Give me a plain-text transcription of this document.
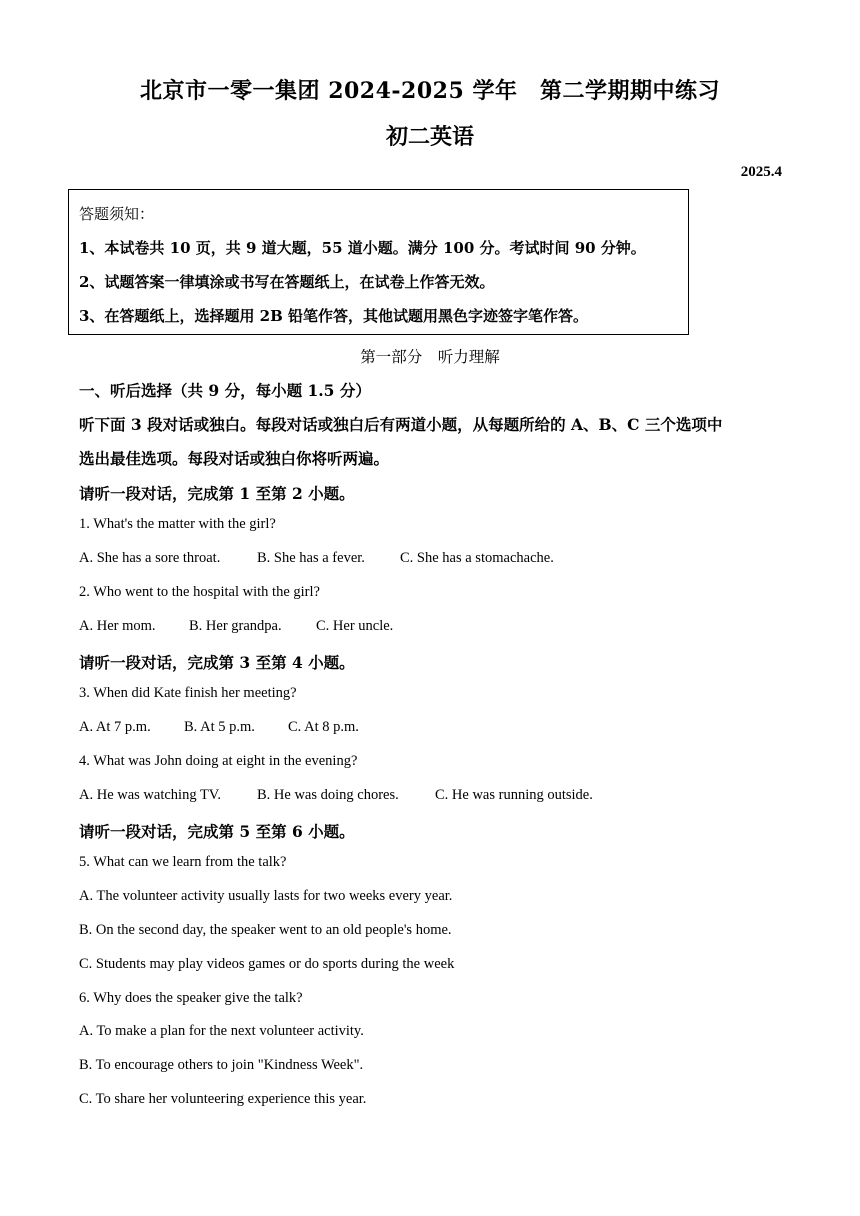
北京市一零一集团 2024-2025 学年　第二学期期中练习
初二英语
2025.4
答题须知：
1、本试卷共 10 页，共 9 道大题，55 道小题。满分 100 分。考试时间 90 分钟。
2、试题答案一律填涂或书写在答题纸上，在试卷上作答无效。
3、在答题纸上，选择题用 2B 铅笔作答，其他试题用黑色字迹签字笔作答。
第一部分　听力理解
一、听后选择（共 9 分，每小题 1.5 分）
听下面 3 段对话或独白。每段对话或独白后有两道小题，从每题所给的 A、B、C 三个选项中
选出最佳选项。每段对话或独白你将听两遍。
请听一段对话，完成第 1 至第 2 小题。
1. What's the matter with the girl?
A. She has a sore throat.	B. She has a fever. C. She has a stomachache.
2. Who went to the hospital with the girl?
A. Her mom. B. Her grandpa. C. Her uncle.
请听一段对话，完成第 3 至第 4 小题。
3. When did Kate finish her meeting?
A. At 7 p.m. B. At 5 p.m. C. At 8 p.m.
4. What was John doing at eight in the evening?
A. He was watching TV. B. He was doing chores. C. He was running outside.
请听一段对话，完成第 5 至第 6 小题。
5. What can we learn from the talk?
A. The volunteer activity usually lasts for two weeks every year.
B. On the second day, the speaker went to an old people's home.
C. Students may play videos games or do sports during the week
6. Why does the speaker give the talk?
A. To make a plan for the next volunteer activity.
B. To encourage others to join "Kindness Week".
C. To share her volunteering experience this year.
